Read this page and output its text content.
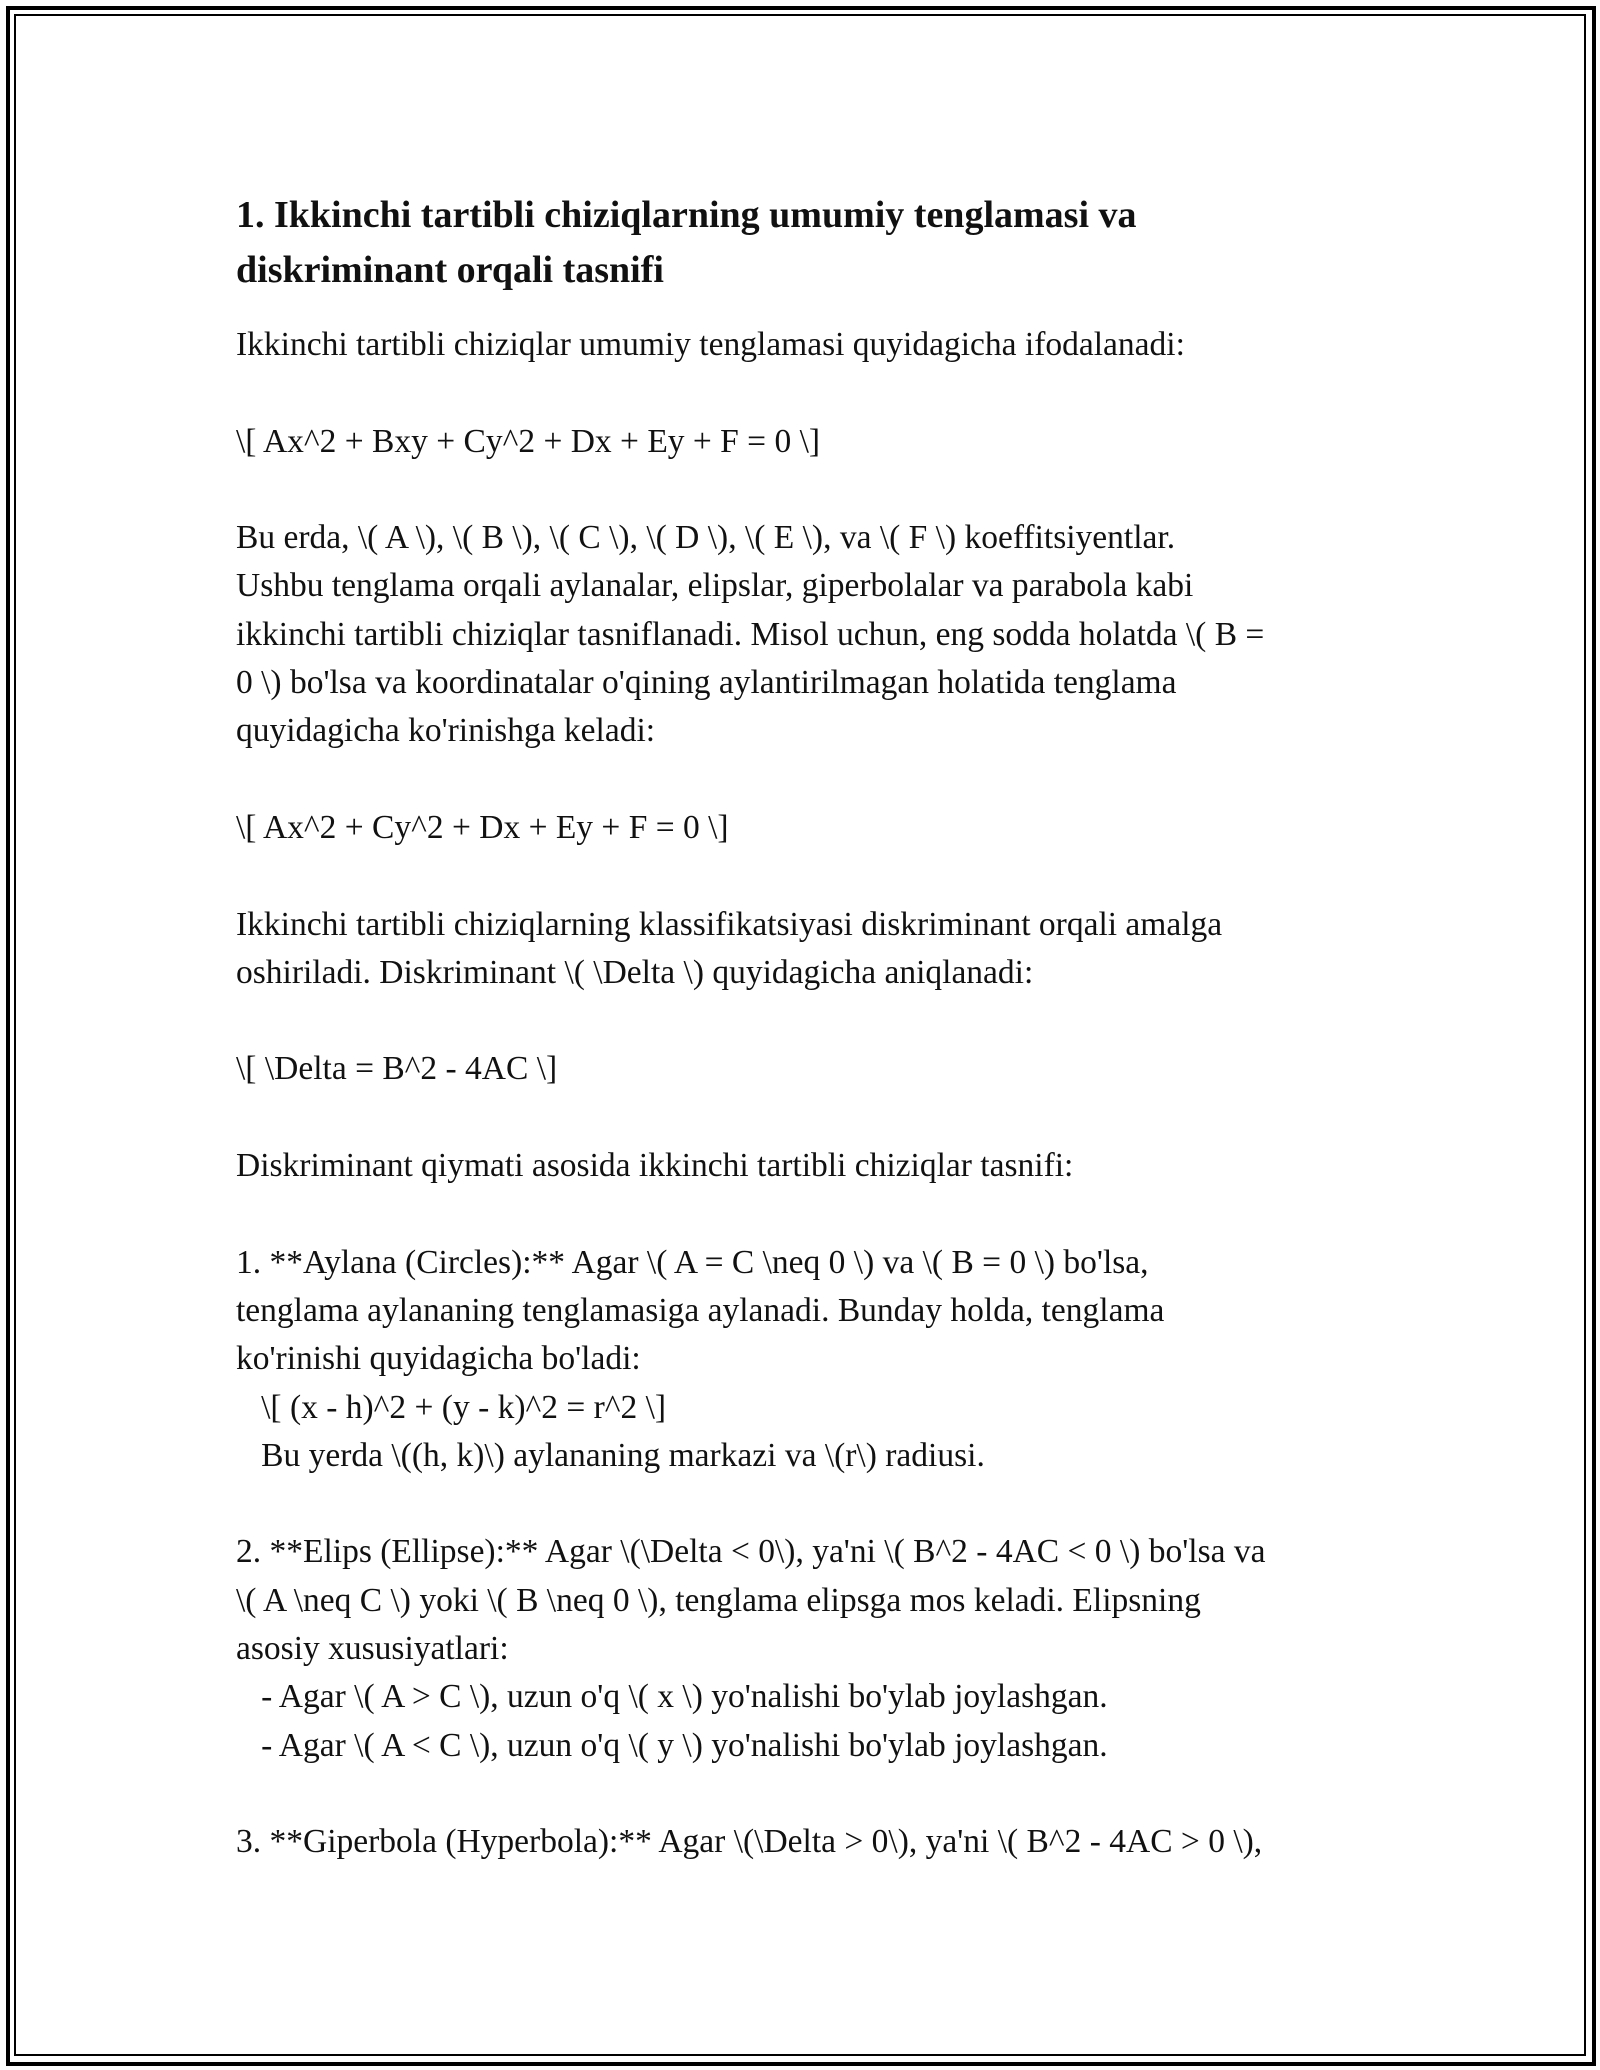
1. Ikkinchi tartibli chiziqlarning umumiy tenglamasi va
diskriminant orqali tasnifi

Ikkinchi tartibli chiziqlar umumiy tenglamasi quyidagicha ifodalanadi:

\[ Ax^2 + Bxy + Cy^2 + Dx + Ey + F = 0 \]

Bu erda, \( A \), \( B \), \( C \), \( D \), \( E \), va \( F \) koeffitsiyentlar.

Ushbu tenglama orqali aylanalar, elipslar, giperbolalar va parabola kabi

ikkinchi tartibli chiziqlar tasniflanadi. Misol uchun, eng sodda holatda \( B =

0 \) bo'lsa va koordinatalar o'qining aylantirilmagan holatida tenglama

quyidagicha ko'rinishga keladi:

\[ Ax^2 + Cy^2 + Dx + Ey + F = 0 \]

Ikkinchi tartibli chiziqlarning klassifikatsiyasi diskriminant orqali amalga

oshiriladi. Diskriminant \( \Delta \) quyidagicha aniqlanadi:

\[ \Delta = B^2 - 4AC \]

Diskriminant qiymati asosida ikkinchi tartibli chiziqlar tasnifi:

1. **Aylana (Circles):** Agar \( A = C \neq 0 \) va \( B = 0 \) bo'lsa,

tenglama aylananing tenglamasiga aylanadi. Bunday holda, tenglama

ko'rinishi quyidagicha bo'ladi:

\[ (x - h)^2 + (y - k)^2 = r^2 \]

Bu yerda \((h, k)\) aylananing markazi va \(r\) radiusi.

2. **Elips (Ellipse):** Agar \(\Delta < 0\), ya'ni \( B^2 - 4AC < 0 \) bo'lsa va

\( A \neq C \) yoki \( B \neq 0 \), tenglama elipsga mos keladi. Elipsning

asosiy xususiyatlari:

- Agar \( A > C \), uzun o'q \( x \) yo'nalishi bo'ylab joylashgan.

- Agar \( A < C \), uzun o'q \( y \) yo'nalishi bo'ylab joylashgan.

3. **Giperbola (Hyperbola):** Agar \(\Delta > 0\), ya'ni \( B^2 - 4AC > 0 \),
